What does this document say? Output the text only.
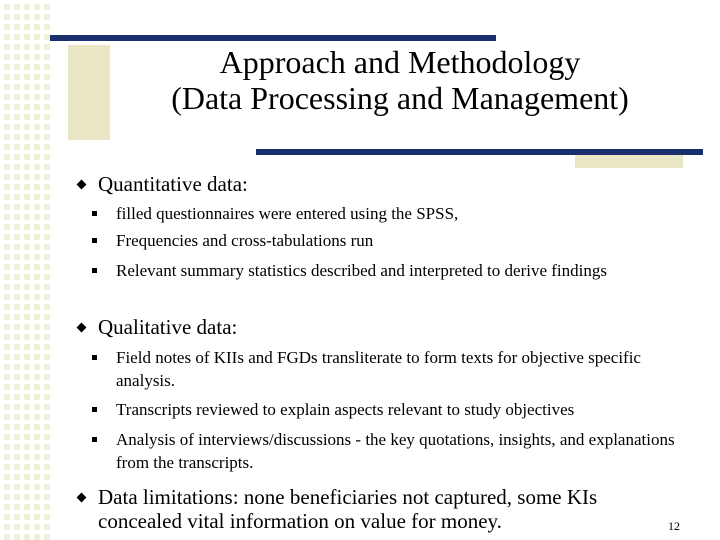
Approach and Methodology
(Data Processing and Management)
Quantitative data:
filled questionnaires were entered using the SPSS,
Frequencies and cross-tabulations run
Relevant summary statistics described and interpreted to derive findings
Qualitative data:
Field notes of KIIs and FGDs transliterate to form texts for objective specific analysis.
Transcripts reviewed to explain aspects relevant to study objectives
Analysis of interviews/discussions - the key quotations, insights, and explanations from the transcripts.
Data limitations: none beneficiaries not captured, some KIs concealed vital information on value for money.	12
